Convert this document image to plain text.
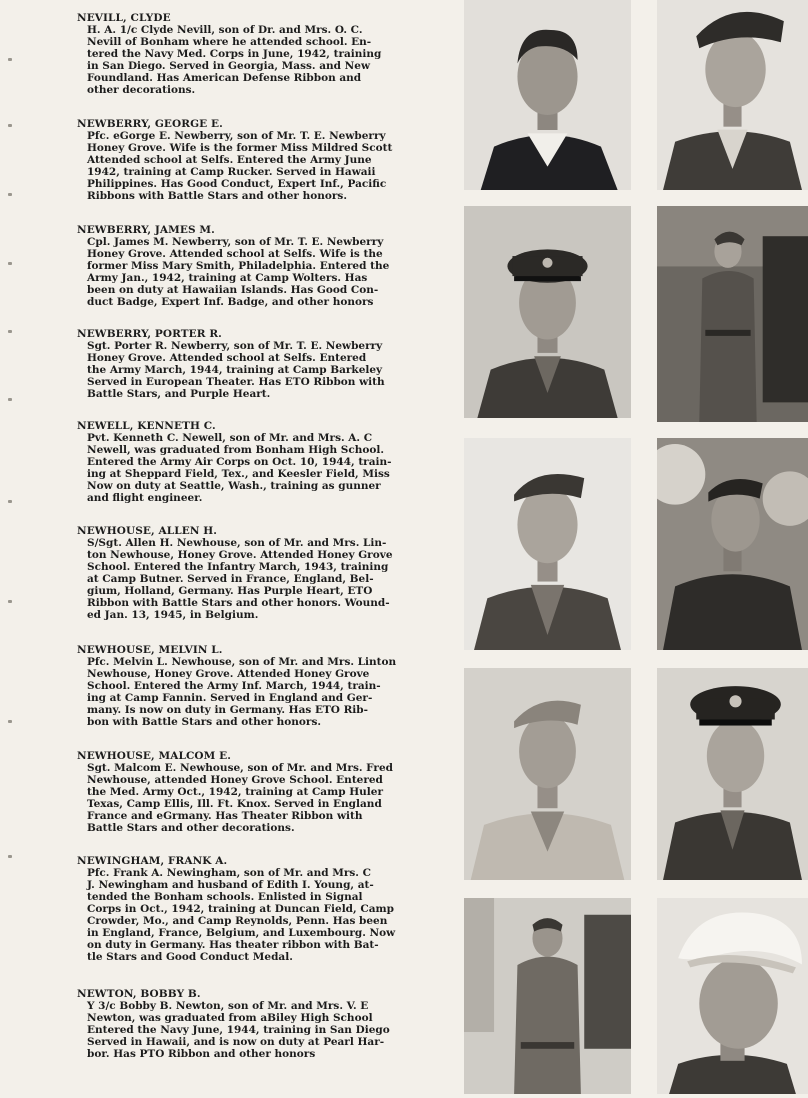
NEVILL, CLYDE

H. A. 1/c Clyde Nevill, son of Dr. and Mrs. O. C.
Nevill of Bonham where he attended school. En-
tered the Navy Med. Corps in June, 1942, training
in San Diego. Served in Georgia, Mass. and New
Foundland. Has American Defense Ribbon and
other decorations.

NEWBERRY, GEORGE E.

Pfc. eGorge E. Newberry, son of Mr. T. E. Newberry
Honey Grove. Wife is the former Miss Mildred Scott
Attended school at Selfs. Entered the Army June
1942, training at Camp Rucker. Served in Hawaii
Philippines. Has Good Conduct, Expert Inf., Pacific
Ribbons with Battle Stars and other honors.

NEWBERRY, JAMES M.

Cpl. James M. Newberry, son of Mr. T. E. Newberry
Honey Grove. Attended school at Selfs. Wife is the
former Miss Mary Smith, Philadelphia. Entered the
Army Jan., 1942, training at Camp Wolters. Has
been on duty at Hawaiian Islands. Has Good Con-
duct Badge, Expert Inf. Badge, and other honors

NEWBERRY, PORTER R.

Sgt. Porter R. Newberry, son of Mr. T. E. Newberry
Honey Grove. Attended school at Selfs. Entered
the Army March, 1944, training at Camp Barkeley
Served in European Theater. Has ETO Ribbon with
Battle Stars, and Purple Heart.

NEWELL, KENNETH C.

Pvt. Kenneth C. Newell, son of Mr. and Mrs. A. C
Newell, was graduated from Bonham High School.
Entered the Army Air Corps on Oct. 10, 1944, train-
ing at Sheppard Field, Tex., and Keesler Field, Miss
Now on duty at Seattle, Wash., training as gunner
and flight engineer.

NEWHOUSE, ALLEN H.

S/Sgt. Allen H. Newhouse, son of Mr. and Mrs. Lin-
ton Newhouse, Honey Grove. Attended Honey Grove
School. Entered the Infantry March, 1943, training
at Camp Butner. Served in France, England, Bel-
gium, Holland, Germany. Has Purple Heart, ETO
Ribbon with Battle Stars and other honors. Wound-
ed Jan. 13, 1945, in Belgium.

NEWHOUSE, MELVIN L.

Pfc. Melvin L. Newhouse, son of Mr. and Mrs. Linton
Newhouse, Honey Grove. Attended Honey Grove
School. Entered the Army Inf. March, 1944, train-
ing at Camp Fannin. Served in England and Ger-
many. Is now on duty in Germany. Has ETO Rib-
bon with Battle Stars and other honors.

NEWHOUSE, MALCOM E.

Sgt. Malcom E. Newhouse, son of Mr. and Mrs. Fred
Newhouse, attended Honey Grove School. Entered
the Med. Army Oct., 1942, training at Camp Huler
Texas, Camp Ellis, Ill. Ft. Knox. Served in England
France and eGrmany. Has Theater Ribbon with
Battle Stars and other decorations.

NEWINGHAM, FRANK A.

Pfc. Frank A. Newingham, son of Mr. and Mrs. C
J. Newingham and husband of Edith I. Young, at-
tended the Bonham schools. Enlisted in Signal
Corps in Oct., 1942, training at Duncan Field, Camp
Crowder, Mo., and Camp Reynolds, Penn. Has been
in England, France, Belgium, and Luxembourg. Now
on duty in Germany. Has theater ribbon with Bat-
tle Stars and Good Conduct Medal.

NEWTON, BOBBY B.

Y 3/c Bobby B. Newton, son of Mr. and Mrs. V. E
Newton, was graduated from aBiley High School
Entered the Navy June, 1944, training in San Diego
Served in Hawaii, and is now on duty at Pearl Har-
bor. Has PTO Ribbon and other honors
